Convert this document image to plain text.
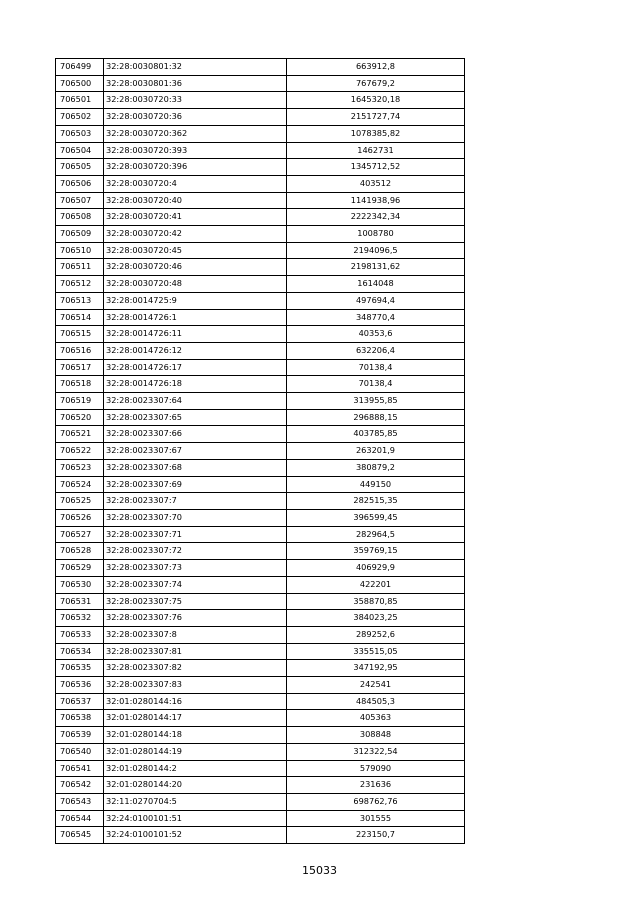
706499	32:28:0030801:32	663912,8
706500	32:28:0030801:36	767679,2
706501	32:28:0030720:33	1645320,18
706502	32:28:0030720:36	2151727,74
706503	32:28:0030720:362	1078385,82
706504	32:28:0030720:393	1462731
706505	32:28:0030720:396	1345712,52
706506	32:28:0030720:4	403512
706507	32:28:0030720:40	1141938,96
706508	32:28:0030720:41	2222342,34
706509	32:28:0030720:42	1008780
706510	32:28:0030720:45	2194096,5
706511	32:28:0030720:46	2198131,62
706512	32:28:0030720:48	1614048
706513	32:28:0014725:9	497694,4
706514	32:28:0014726:1	348770,4
706515	32:28:0014726:11	40353,6
706516	32:28:0014726:12	632206,4
706517	32:28:0014726:17	70138,4
706518	32:28:0014726:18	70138,4
706519	32:28:0023307:64	313955,85
706520	32:28:0023307:65	296888,15
706521	32:28:0023307:66	403785,85
706522	32:28:0023307:67	263201,9
706523	32:28:0023307:68	380879,2
706524	32:28:0023307:69	449150
706525	32:28:0023307:7	282515,35
706526	32:28:0023307:70	396599,45
706527	32:28:0023307:71	282964,5
706528	32:28:0023307:72	359769,15
706529	32:28:0023307:73	406929,9
706530	32:28:0023307:74	422201
706531	32:28:0023307:75	358870,85
706532	32:28:0023307:76	384023,25
706533	32:28:0023307:8	289252,6
706534	32:28:0023307:81	335515,05
706535	32:28:0023307:82	347192,95
706536	32:28:0023307:83	242541
706537	32:01:0280144:16	484505,3
706538	32:01:0280144:17	405363
706539	32:01:0280144:18	308848
706540	32:01:0280144:19	312322,54
706541	32:01:0280144:2	579090
706542	32:01:0280144:20	231636
706543	32:11:0270704:5	698762,76
706544	32:24:0100101:51	301555
706545	32:24:0100101:52	223150,7
15033
